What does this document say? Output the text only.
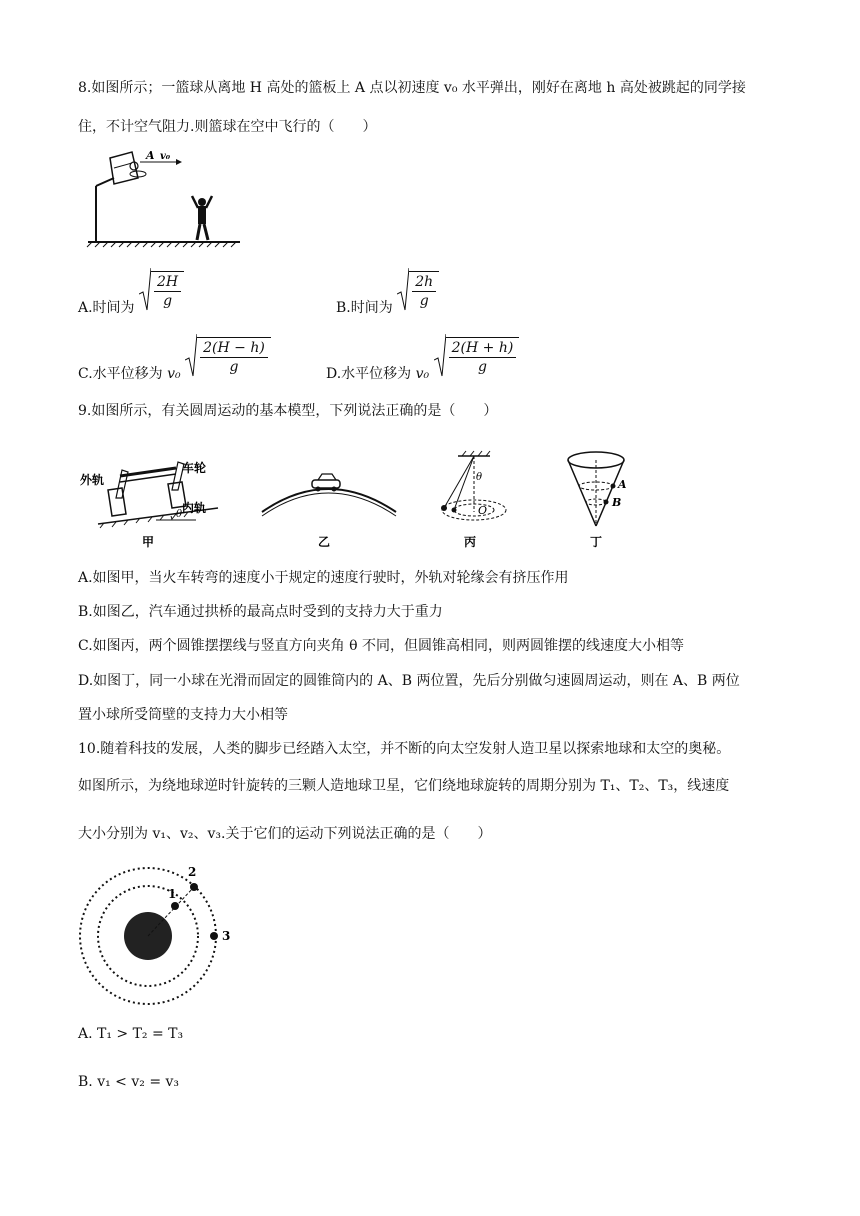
8.如图所示；一篮球从离地 H 高处的篮板上 A 点以初速度 v₀ 水平弹出，刚好在离地 h 高处被跳起的同学接
住，不计空气阻力.则篮球在空中飞行的（　　）
A v₀
A.时间为 $\frac{2H}{g}$	B.时间为 $\frac{2h}{g}$
C.水平位移为 $v_0 \frac{2(H - h)}{g}$	D.水平位移为 $v_0 \frac{2(H + h)}{g}$
9.如图所示，有关圆周运动的基本模型，下列说法正确的是（　　）
θ
外轨
车轮
内轨
甲	乙
θ
O
丙
A
B
丁
A.如图甲，当火车转弯的速度小于规定的速度行驶时，外轨对轮缘会有挤压作用
B.如图乙，汽车通过拱桥的最高点时受到的支持力大于重力
C.如图丙，两个圆锥摆摆线与竖直方向夹角 θ 不同，但圆锥高相同，则两圆锥摆的线速度大小相等
D.如图丁，同一小球在光滑而固定的圆锥筒内的 A、B 两位置，先后分别做匀速圆周运动，则在 A、B 两位
置小球所受筒壁的支持力大小相等
10.随着科技的发展，人类的脚步已经踏入太空，并不断的向太空发射人造卫星以探索地球和太空的奥秘。
如图所示，为绕地球逆时针旋转的三颗人造地球卫星，它们绕地球旋转的周期分别为 T₁、T₂、T₃，线速度
大小分别为 v₁、v₂、v₃.关于它们的运动下列说法正确的是（　　）
1
2
3
A. T₁ > T₂ = T₃
B. v₁ < v₂ = v₃
